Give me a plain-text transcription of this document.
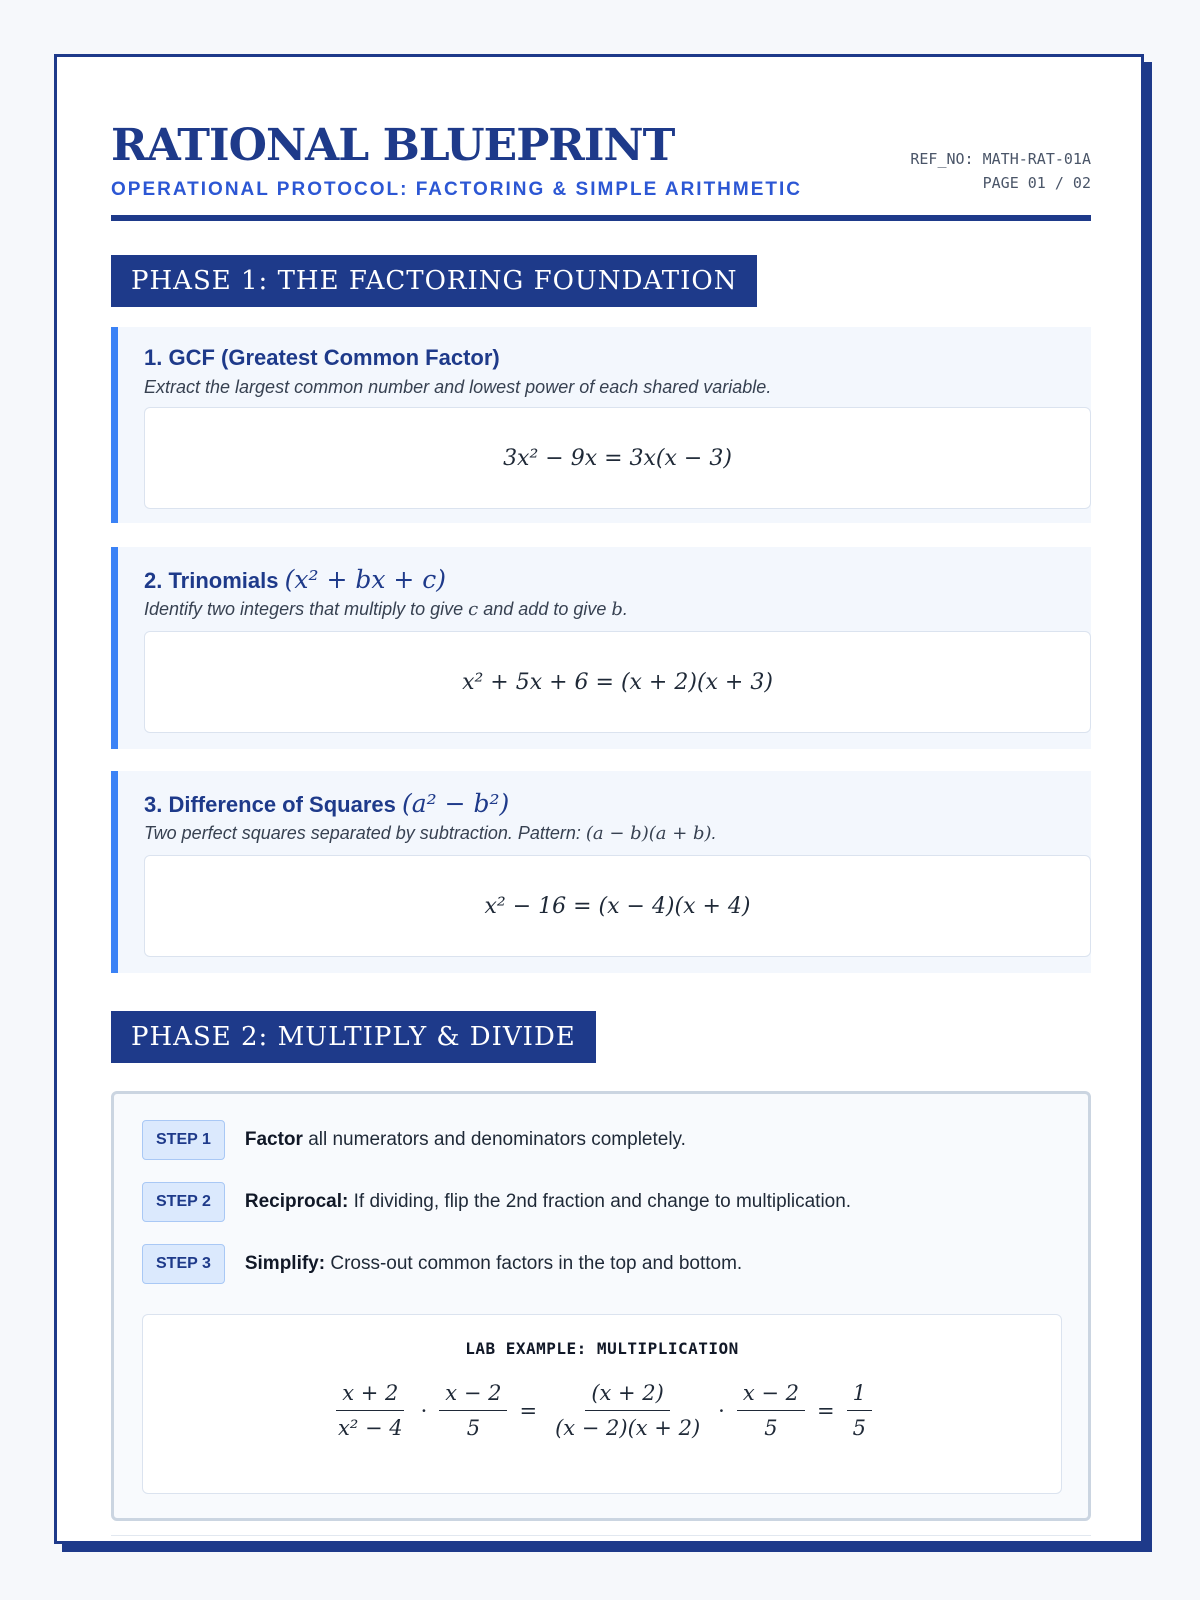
RATIONAL BLUEPRINT
OPERATIONAL PROTOCOL: FACTORING & SIMPLE ARITHMETIC
REF_NO: MATH-RAT-01A
PAGE 01 / 02
PHASE 1: THE FACTORING FOUNDATION
1. GCF (Greatest Common Factor)
Extract the largest common number and lowest power of each shared variable.
3x² − 9x = 3x(x − 3)
2. Trinomials (x² + bx + c)
Identify two integers that multiply to give c and add to give b.
x² + 5x + 6 = (x + 2)(x + 3)
3. Difference of Squares (a² − b²)
Two perfect squares separated by subtraction. Pattern: (a − b)(a + b).
x² − 16 = (x − 4)(x + 4)
PHASE 2: MULTIPLY & DIVIDE
STEP 1	Factor all numerators and denominators completely.
STEP 2	Reciprocal: If dividing, flip the 2nd fraction and change to multiplication.
STEP 3	Simplify: Cross-out common factors in the top and bottom.
LAB EXAMPLE: MULTIPLICATION
$\frac{x + 2}{\text{x² − 4}} \cdot \frac{x - 2}{5} = \frac{(x + 2)}{(x - 2)(x + 2)} \cdot \frac{x - 2}{5} = \frac{1}{5}$
